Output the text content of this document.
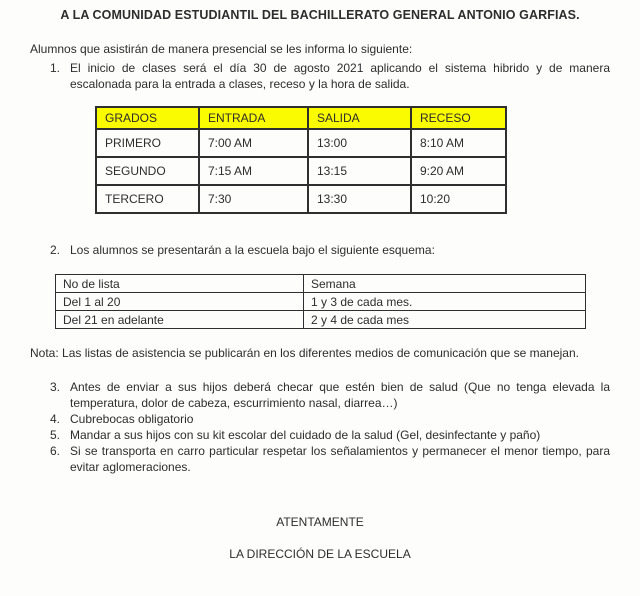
A LA COMUNIDAD ESTUDIANTIL DEL BACHILLERATO GENERAL ANTONIO GARFIAS.
Alumnos que asistirán de manera presencial se les informa lo siguiente:
1. El inicio de clases será el día 30 de agosto 2021 aplicando el sistema hibrido y de manera escalonada para la entrada a clases, receso y la hora de salida.
GRADOS	ENTRADA	SALIDA	RECESO
PRIMERO	7:00 AM	13:00	8:10 AM
SEGUNDO	7:15 AM	13:15	9:20 AM
TERCERO	7:30	13:30	10:20
2. Los alumnos se presentarán a la escuela bajo el siguiente esquema:
No de lista	Semana
Del 1 al 20	1 y 3 de cada mes.
Del 21 en adelante	2 y 4 de cada mes

Nota: Las listas de asistencia se publicarán en los diferentes medios de comunicación que se manejan.

3. Antes de enviar a sus hijos deberá checar que estén bien de salud (Que no tenga elevada la temperatura, dolor de cabeza, escurrimiento nasal, diarrea…)
4. Cubrebocas obligatorio
5. Mandar a sus hijos con su kit escolar del cuidado de la salud (Gel, desinfectante y paño)
6. Si se transporta en carro particular respetar los señalamientos y permanecer el menor tiempo, para evitar aglomeraciones.
ATENTAMENTE
LA DIRECCIÓN DE LA ESCUELA
